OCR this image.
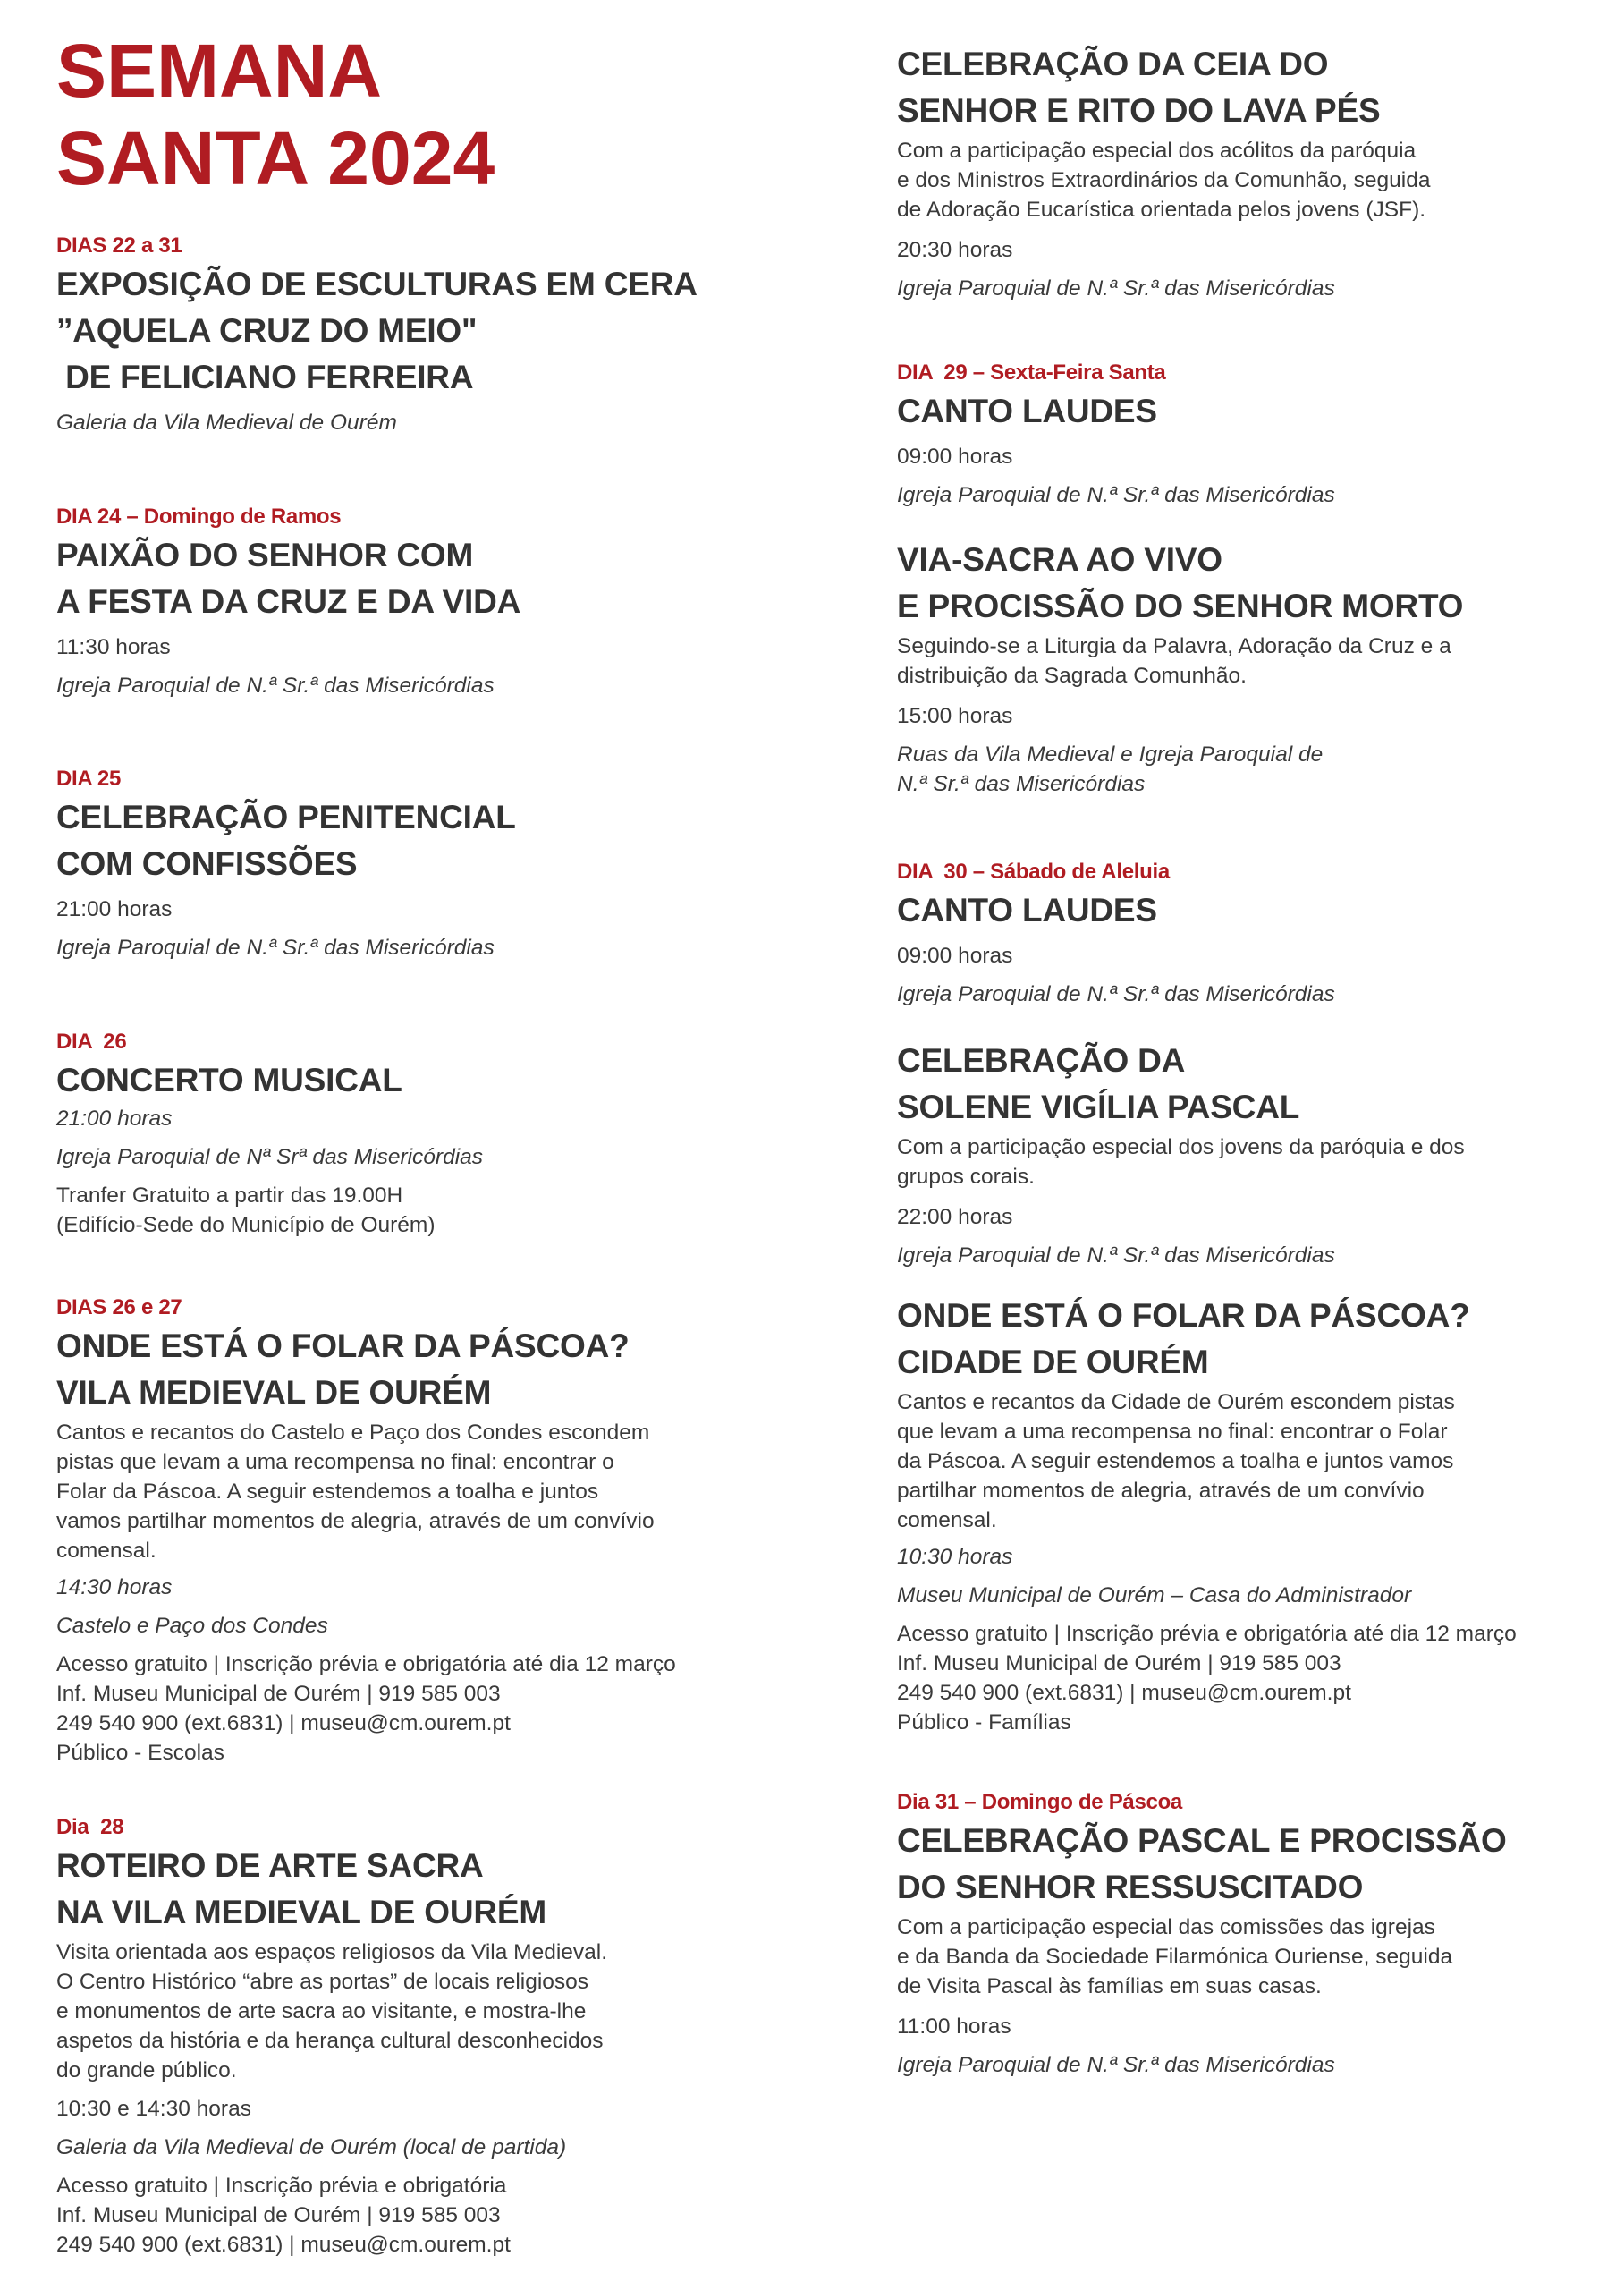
SEMANA
SANTA 2024
DIAS 22 a 31
EXPOSIÇÃO DE ESCULTURAS EM CERA
”AQUELA CRUZ DO MEIO"
DE FELICIANO FERREIRA
Galeria da Vila Medieval de Ourém
DIA 24 – Domingo de Ramos
PAIXÃO DO SENHOR COM
A FESTA DA CRUZ E DA VIDA
11:30 horas
Igreja Paroquial de N.ª Sr.ª das Misericórdias
DIA 25
CELEBRAÇÃO PENITENCIAL
COM CONFISSÕES
21:00 horas
Igreja Paroquial de N.ª Sr.ª das Misericórdias
DIA  26
CONCERTO MUSICAL
21:00 horas
Igreja Paroquial de Nª Srª das Misericórdias
Tranfer Gratuito a partir das 19.00H
(Edifício-Sede do Município de Ourém)
DIAS 26 e 27
ONDE ESTÁ O FOLAR DA PÁSCOA?
VILA MEDIEVAL DE OURÉM
Cantos e recantos do Castelo e Paço dos Condes escondem
pistas que levam a uma recompensa no final: encontrar o
Folar da Páscoa. A seguir estendemos a toalha e juntos
vamos partilhar momentos de alegria, através de um convívio
comensal.
14:30 horas
Castelo e Paço dos Condes
Acesso gratuito | Inscrição prévia e obrigatória até dia 12 março
Inf. Museu Municipal de Ourém | 919 585 003
249 540 900 (ext.6831) | museu@cm.ourem.pt
Público - Escolas
Dia  28
ROTEIRO DE ARTE SACRA
NA VILA MEDIEVAL DE OURÉM
Visita orientada aos espaços religiosos da Vila Medieval.
O Centro Histórico “abre as portas” de locais religiosos
e monumentos de arte sacra ao visitante, e mostra-lhe
aspetos da história e da herança cultural desconhecidos
do grande público.
10:30 e 14:30 horas
Galeria da Vila Medieval de Ourém (local de partida)
Acesso gratuito | Inscrição prévia e obrigatória
Inf. Museu Municipal de Ourém | 919 585 003
249 540 900 (ext.6831) | museu@cm.ourem.pt
CELEBRAÇÃO DA CEIA DO
SENHOR E RITO DO LAVA PÉS
Com a participação especial dos acólitos da paróquia
e dos Ministros Extraordinários da Comunhão, seguida
de Adoração Eucarística orientada pelos jovens (JSF).
20:30 horas
Igreja Paroquial de N.ª Sr.ª das Misericórdias
DIA  29 – Sexta-Feira Santa
CANTO LAUDES
09:00 horas
Igreja Paroquial de N.ª Sr.ª das Misericórdias
VIA-SACRA AO VIVO
E PROCISSÃO DO SENHOR MORTO
Seguindo-se a Liturgia da Palavra, Adoração da Cruz e a
distribuição da Sagrada Comunhão.
15:00 horas
Ruas da Vila Medieval e Igreja Paroquial de
N.ª Sr.ª das Misericórdias
DIA  30 – Sábado de Aleluia
CANTO LAUDES
09:00 horas
Igreja Paroquial de N.ª Sr.ª das Misericórdias
CELEBRAÇÃO DA
SOLENE VIGÍLIA PASCAL
Com a participação especial dos jovens da paróquia e dos
grupos corais.
22:00 horas
Igreja Paroquial de N.ª Sr.ª das Misericórdias
ONDE ESTÁ O FOLAR DA PÁSCOA?
CIDADE DE OURÉM
Cantos e recantos da Cidade de Ourém escondem pistas
que levam a uma recompensa no final: encontrar o Folar
da Páscoa. A seguir estendemos a toalha e juntos vamos
partilhar momentos de alegria, através de um convívio
comensal.
10:30 horas
Museu Municipal de Ourém – Casa do Administrador
Acesso gratuito | Inscrição prévia e obrigatória até dia 12 março
Inf. Museu Municipal de Ourém | 919 585 003
249 540 900 (ext.6831) | museu@cm.ourem.pt
Público - Famílias
Dia 31 – Domingo de Páscoa
CELEBRAÇÃO PASCAL E PROCISSÃO
DO SENHOR RESSUSCITADO
Com a participação especial das comissões das igrejas
e da Banda da Sociedade Filarmónica Ouriense, seguida
de Visita Pascal às famílias em suas casas.
11:00 horas
Igreja Paroquial de N.ª Sr.ª das Misericórdias
